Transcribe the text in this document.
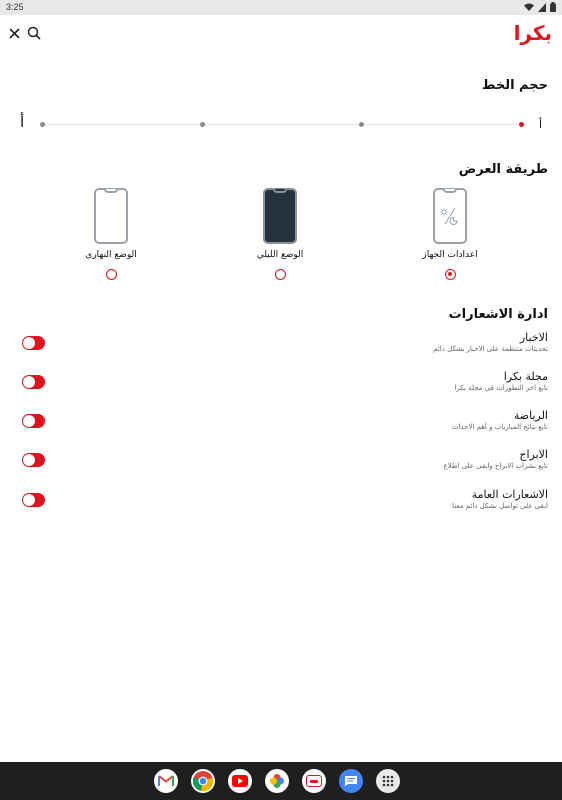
3:25
بكرا
حجم الخط
أ	أ
طريقة العرض
اعدادات الجهاز
الوضع الليلي
الوضع النهاري
ادارة الاشعارات
الاخبار
تحديثات منتظمة على الاخبار بشكل دائم
مجلة بكرا
تابع اخر التطورات في مجلة بكرا
الرياضة
تابع نتائج المباريات و أهم الاحداث
الابراج
تابع نشرات الابراج وابقى على اطلاع
الاشعارات العامة
ابقى على تواصل بشكل دائم معنا
